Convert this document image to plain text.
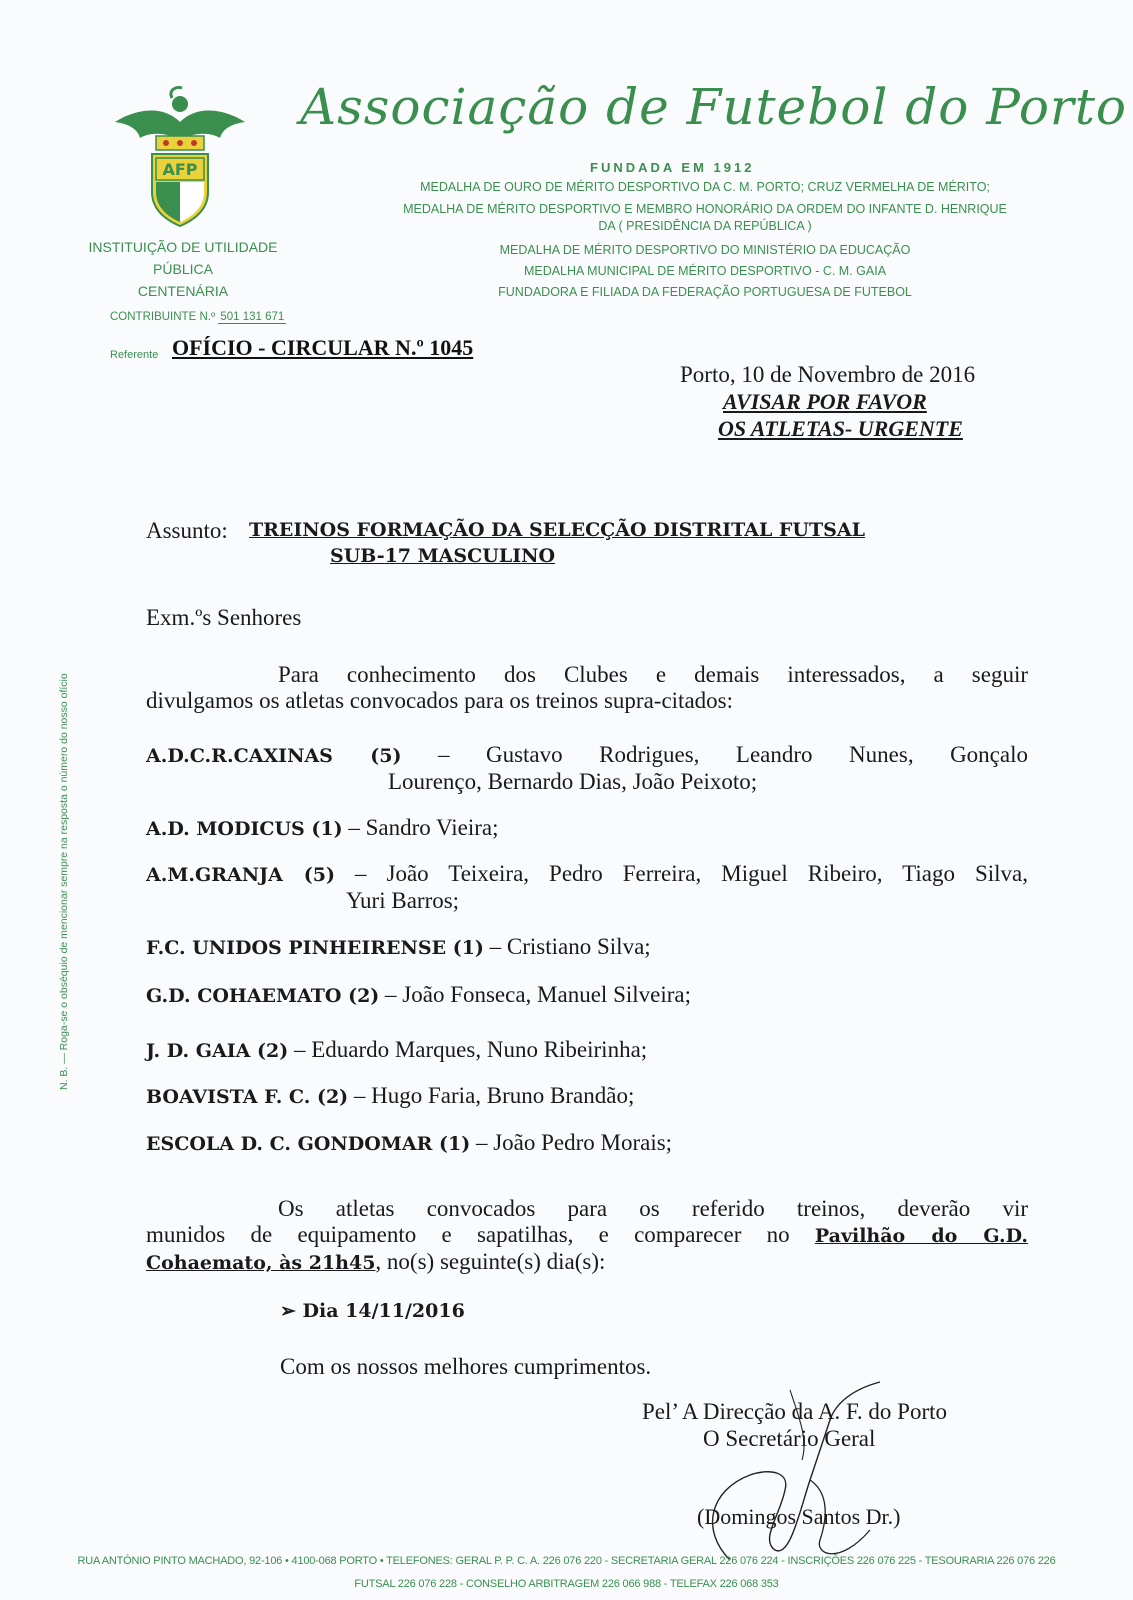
AFP
Associação de Futebol do Porto
FUNDADA EM 1912
MEDALHA DE OURO DE MÉRITO DESPORTIVO DA C. M. PORTO; CRUZ VERMELHA DE MÉRITO;
MEDALHA DE MÉRITO DESPORTIVO E MEMBRO HONORÁRIO DA ORDEM DO INFANTE D. HENRIQUE
DA ( PRESIDÊNCIA DA REPÚBLICA )
MEDALHA DE MÉRITO DESPORTIVO DO MINISTÉRIO DA EDUCAÇÃO
MEDALHA MUNICIPAL DE MÉRITO DESPORTIVO - C. M. GAIA
FUNDADORA E FILIADA DA FEDERAÇÃO PORTUGUESA DE FUTEBOL
INSTITUIÇÃO DE UTILIDADE PÚBLICA
CENTENÁRIA
CONTRIBUINTE N.º 501 131 671
Referente OFÍCIO - CIRCULAR N.º 1045
Porto, 10 de Novembro de 2016
AVISAR POR FAVOR
OS ATLETAS- URGENTE
Assunto: TREINOS FORMAÇÃO DA SELECÇÃO DISTRITAL FUTSAL
SUB-17 MASCULINO
Exm.ºs Senhores
Para conhecimento dos Clubes e demais interessados, a seguir
divulgamos os atletas convocados para os treinos supra-citados:
A.D.C.R.CAXINAS (5) – Gustavo Rodrigues, Leandro Nunes, Gonçalo
Lourenço, Bernardo Dias, João Peixoto;
A.D. MODICUS (1) – Sandro Vieira;
A.M.GRANJA (5) – João Teixeira, Pedro Ferreira, Miguel Ribeiro, Tiago Silva,
Yuri Barros;
F.C. UNIDOS PINHEIRENSE (1) – Cristiano Silva;
G.D. COHAEMATO (2) – João Fonseca, Manuel Silveira;
J. D. GAIA (2) – Eduardo Marques, Nuno Ribeirinha;
BOAVISTA F. C. (2) – Hugo Faria, Bruno Brandão;
ESCOLA D. C. GONDOMAR (1) – João Pedro Morais;
Os atletas convocados para os referido treinos, deverão vir
munidos de equipamento e sapatilhas, e comparecer no Pavilhão do G.D.
Cohaemato, às 21h45, no(s) seguinte(s) dia(s):
➢ Dia 14/11/2016
Com os nossos melhores cumprimentos.
Pel’ A Direcção da A. F. do Porto
O Secretário Geral
(Domingos Santos Dr.)
N. B. — Roga-se o obséquio de mencionar sempre na resposta o número do nosso ofício
RUA ANTÓNIO PINTO MACHADO, 92-106 • 4100-068 PORTO • TELEFONES: GERAL P. P. C. A. 226 076 220 - SECRETARIA GERAL 226 076 224 - INSCRIÇÕES 226 076 225 - TESOURARIA 226 076 226
FUTSAL 226 076 228 - CONSELHO ARBITRAGEM 226 066 988 - TELEFAX 226 068 353
